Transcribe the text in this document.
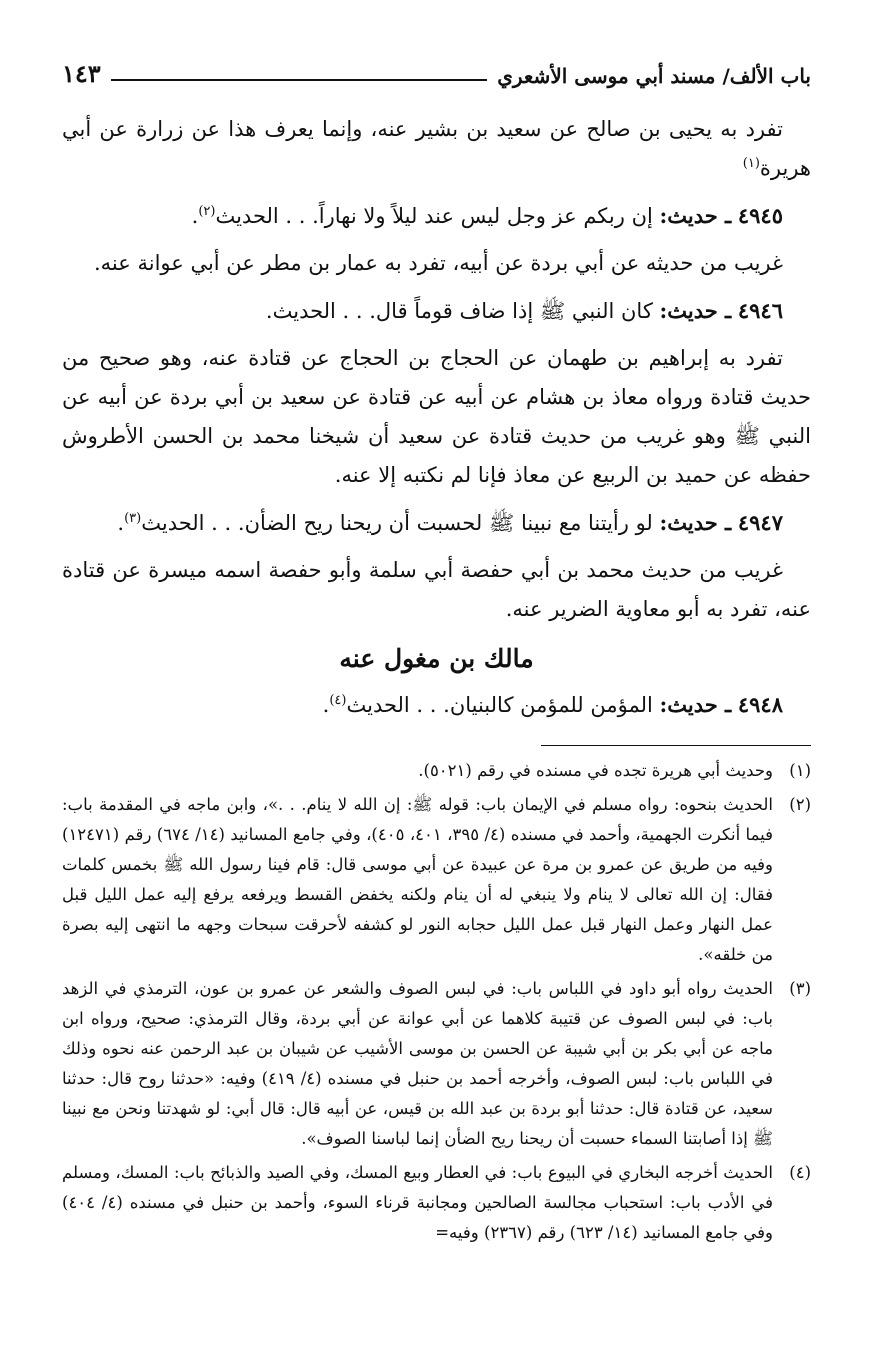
باب الألف/ مسند أبي موسى الأشعري
١٤٣

تفرد به يحيى بن صالح عن سعيد بن بشير عنه، وإنما يعرف هذا عن زرارة عن أبي هريرة$^{(١)}$

٤٩٤٥ ـ حديث: إن ربكم عز وجل ليس عند ليلاً ولا نهاراً. . . الحديث$^{(٢)}$.

غريب من حديثه عن أبي بردة عن أبيه، تفرد به عمار بن مطر عن أبي عوانة عنه.

٤٩٤٦ ـ حديث: كان النبي ﷺ إذا ضاف قوماً قال. . . الحديث.

تفرد به إبراهيم بن طهمان عن الحجاج بن الحجاج عن قتادة عنه، وهو صحيح من حديث قتادة ورواه معاذ بن هشام عن أبيه عن قتادة عن سعيد بن أبي بردة عن أبيه عن النبي ﷺ وهو غريب من حديث قتادة عن سعيد أن شيخنا محمد بن الحسن الأطروش حفظه عن حميد بن الربيع عن معاذ فإنا لم نكتبه إلا عنه.

٤٩٤٧ ـ حديث: لو رأيتنا مع نبينا ﷺ لحسبت أن ريحنا ريح الضأن. . . الحديث$^{(٣)}$.

غريب من حديث محمد بن أبي حفصة أبي سلمة وأبو حفصة اسمه ميسرة عن قتادة عنه، تفرد به أبو معاوية الضرير عنه.

مالك بن مغول عنه

٤٩٤٨ ـ حديث: المؤمن للمؤمن كالبنيان. . . الحديث$^{(٤)}$.

(١)
وحديث أبي هريرة تجده في مسنده في رقم (٥٠٢١).
(٢)
الحديث بنحوه: رواه مسلم في الإيمان باب: قوله ﷺ: إن الله لا ينام. . .»، وابن ماجه في المقدمة باب: فيما أنكرت الجهمية، وأحمد في مسنده (٤/ ٣٩٥، ٤٠١، ٤٠٥)، وفي جامع المسانيد (١٤/ ٦٧٤) رقم (١٢٤٧١) وفيه من طريق عن عمرو بن مرة عن عبيدة عن أبي موسى قال: قام فينا رسول الله ﷺ بخمس كلمات فقال: إن الله تعالى لا ينام ولا ينبغي له أن ينام ولكنه يخفض القسط ويرفعه يرفع إليه عمل الليل قبل عمل النهار وعمل النهار قبل عمل الليل حجابه النور لو كشفه لأحرقت سبحات وجهه ما انتهى إليه بصرة من خلقه».
(٣)
الحديث رواه أبو داود في اللباس باب: في لبس الصوف والشعر عن عمرو بن عون، الترمذي في الزهد باب: في لبس الصوف عن قتيبة كلاهما عن أبي عوانة عن أبي بردة، وقال الترمذي: صحيح، ورواه ابن ماجه عن أبي بكر بن أبي شيبة عن الحسن بن موسى الأشيب عن شيبان بن عبد الرحمن عنه نحوه وذلك في اللباس باب: لبس الصوف، وأخرجه أحمد بن حنبل في مسنده (٤/ ٤١٩) وفيه: «حدثنا روح قال: حدثنا سعيد، عن قتادة قال: حدثنا أبو بردة بن عبد الله بن قيس، عن أبيه قال: قال أبي: لو شهدتنا ونحن مع نبينا ﷺ إذا أصابتنا السماء حسبت أن ريحنا ريح الضأن إنما لباسنا الصوف».
(٤)
الحديث أخرجه البخاري في البيوع باب: في العطار وبيع المسك، وفي الصيد والذبائح باب: المسك، ومسلم في الأدب باب: استحباب مجالسة الصالحين ومجانبة قرناء السوء، وأحمد بن حنبل في مسنده (٤/ ٤٠٤) وفي جامع المسانيد (١٤/ ٦٢٣) رقم (٢٣٦٧) وفيه=
